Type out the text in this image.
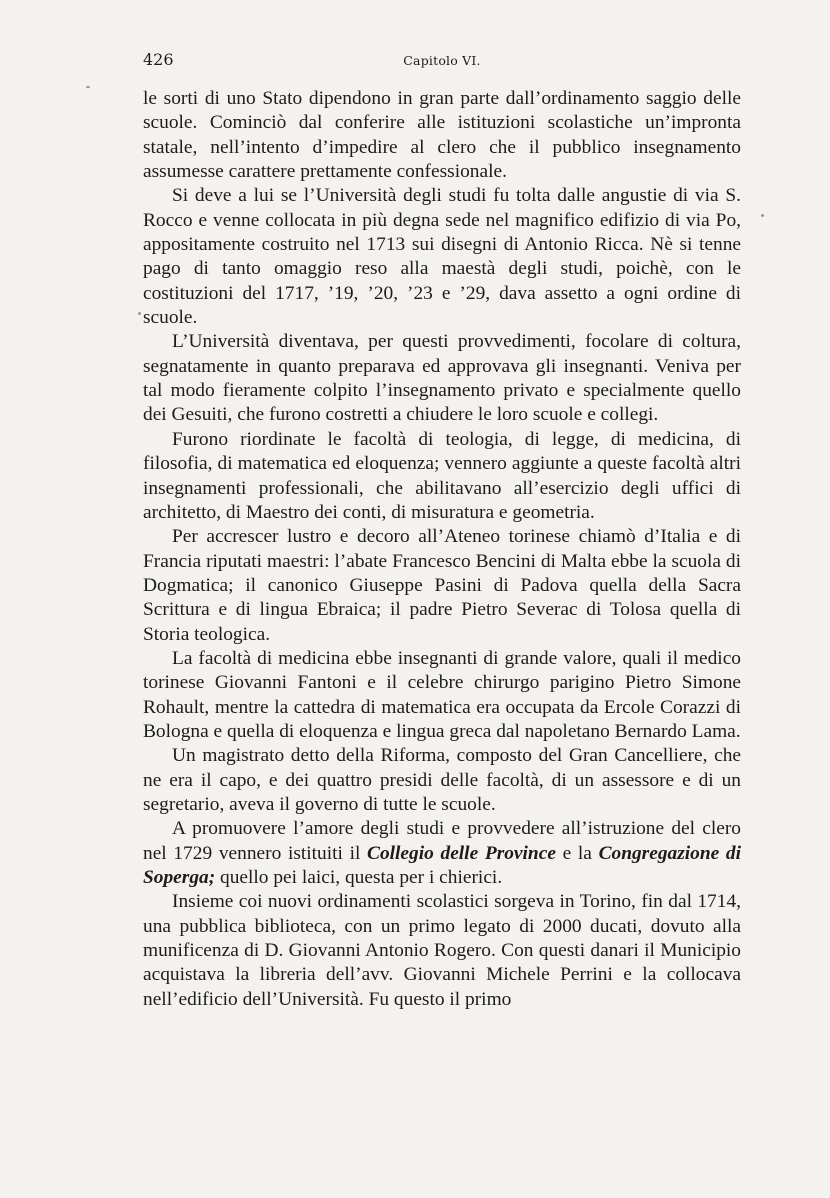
426	Capitolo VI.

le sorti di uno Stato dipendono in gran parte dall’ordinamento saggio delle scuole. Cominciò dal conferire alle istituzioni scolastiche un’impronta statale, nell’intento d’impedire al clero che il pubblico insegnamento assumesse carattere prettamente confessionale.

Si deve a lui se l’Università degli studi fu tolta dalle angustie di via S. Rocco e venne collocata in più degna sede nel magnifico edifizio di via Po, appositamente costruito nel 1713 sui disegni di Antonio Ricca. Nè si tenne pago di tanto omaggio reso alla maestà degli studi, poichè, con le costituzioni del 1717, ’19, ’20, ’23 e ’29, dava assetto a ogni ordine di scuole.

L’Università diventava, per questi provvedimenti, focolare di coltura, segnatamente in quanto preparava ed approvava gli insegnanti. Veniva per tal modo fieramente colpito l’insegnamento privato e specialmente quello dei Gesuiti, che furono costretti a chiudere le loro scuole e collegi.

Furono riordinate le facoltà di teologia, di legge, di medicina, di filosofia, di matematica ed eloquenza; vennero aggiunte a queste facoltà altri insegnamenti professionali, che abilitavano all’esercizio degli uffici di architetto, di Maestro dei conti, di misuratura e geometria.

Per accrescer lustro e decoro all’Ateneo torinese chiamò d’Italia e di Francia riputati maestri: l’abate Francesco Bencini di Malta ebbe la scuola di Dogmatica; il canonico Giuseppe Pasini di Padova quella della Sacra Scrittura e di lingua Ebraica; il padre Pietro Severac di Tolosa quella di Storia teologica.

La facoltà di medicina ebbe insegnanti di grande valore, quali il medico torinese Giovanni Fantoni e il celebre chirurgo parigino Pietro Simone Rohault, mentre la cattedra di matematica era occupata da Ercole Corazzi di Bologna e quella di eloquenza e lingua greca dal napoletano Bernardo Lama.

Un magistrato detto della Riforma, composto del Gran Cancelliere, che ne era il capo, e dei quattro presidi delle facoltà, di un assessore e di un segretario, aveva il governo di tutte le scuole.

A promuovere l’amore degli studi e provvedere all’istruzione del clero nel 1729 vennero istituiti il Collegio delle Province e la Congregazione di Soperga; quello pei laici, questa per i chierici.

Insieme coi nuovi ordinamenti scolastici sorgeva in Torino, fin dal 1714, una pubblica biblioteca, con un primo legato di 2000 ducati, dovuto alla munificenza di D. Giovanni Antonio Rogero. Con questi danari il Municipio acquistava la libreria dell’avv. Giovanni Michele Perrini e la collocava nell’edificio dell’Università. Fu questo il primo
